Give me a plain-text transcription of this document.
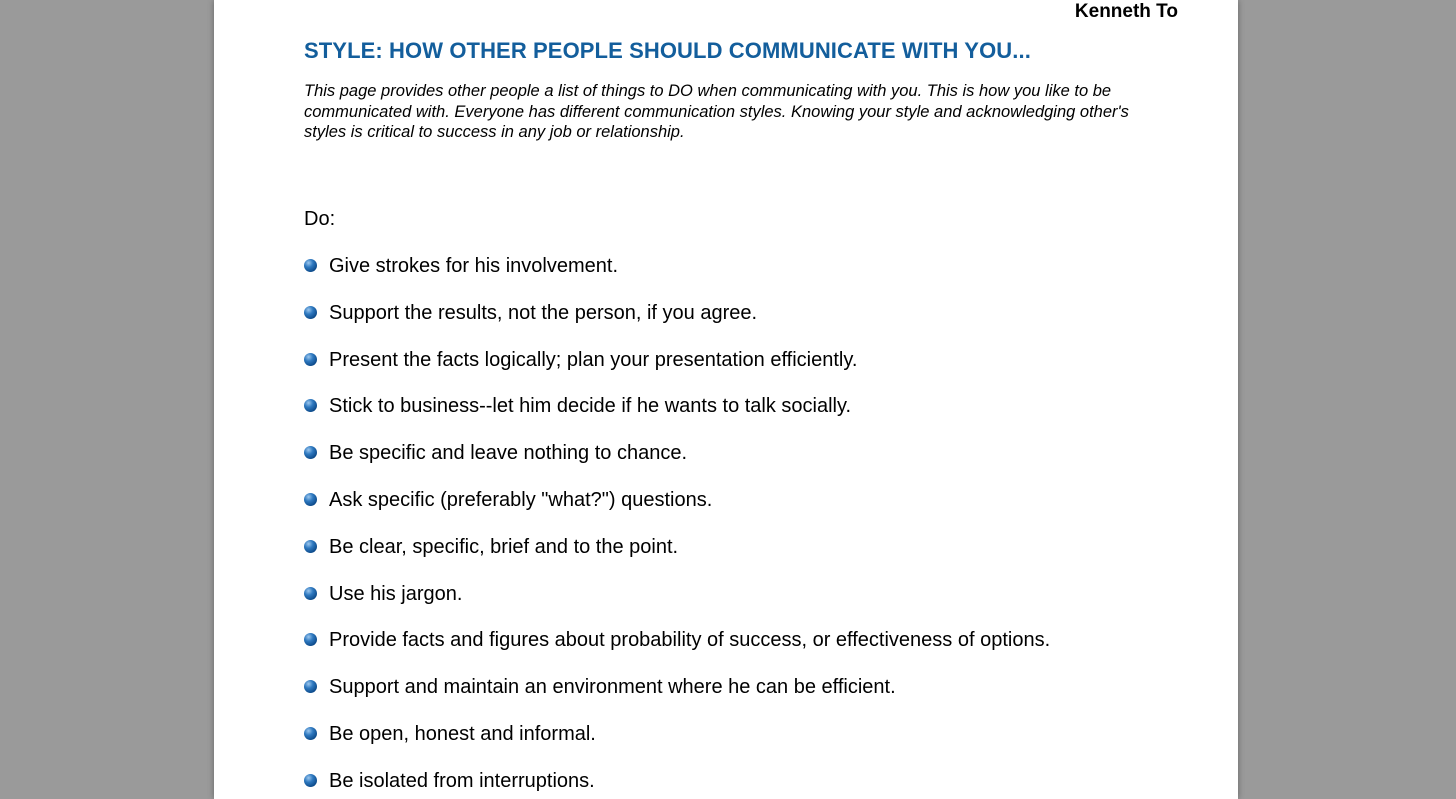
Kenneth To
STYLE: HOW OTHER PEOPLE SHOULD COMMUNICATE WITH YOU...
This page provides other people a list of things to DO when communicating with you. This is how you like to be communicated with. Everyone has different communication styles. Knowing your style and acknowledging other's styles is critical to success in any job or relationship.
Do:
Give strokes for his involvement.
Support the results, not the person, if you agree.
Present the facts logically; plan your presentation efficiently.
Stick to business--let him decide if he wants to talk socially.
Be specific and leave nothing to chance.
Ask specific (preferably "what?") questions.
Be clear, specific, brief and to the point.
Use his jargon.
Provide facts and figures about probability of success, or effectiveness of options.
Support and maintain an environment where he can be efficient.
Be open, honest and informal.
Be isolated from interruptions.
